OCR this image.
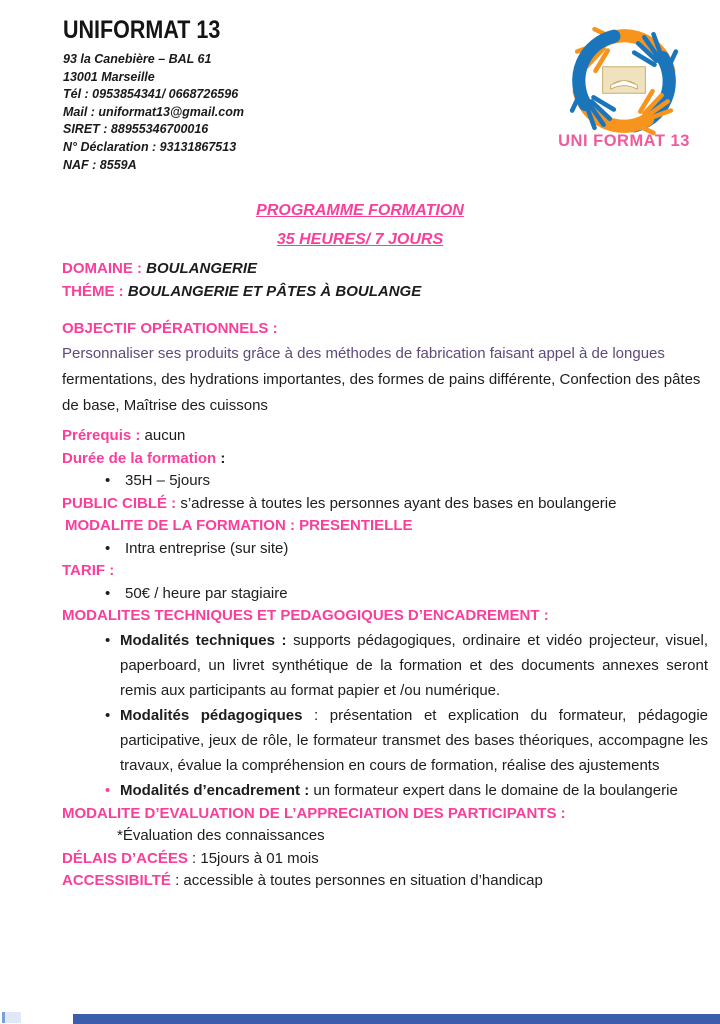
UNIFORMAT 13
93 la Canebière – BAL 61
13001 Marseille
Tél : 0953854341/ 0668726596
Mail : uniformat13@gmail.com
SIRET : 88955346700016
N° Déclaration : 93131867513
NAF : 8559A
UNI FORMAT 13
PROGRAMME FORMATION
35 HEURES/ 7 JOURS
DOMAINE : BOULANGERIE
THÉME : BOULANGERIE ET PÂTES À BOULANGE
OBJECTIF OPÉRATIONNELS :
Personnaliser ses produits grâce à des méthodes de fabrication faisant appel à de longues fermentations, des hydrations importantes, des formes de pains différente, Confection des pâtes de base, Maîtrise des cuissons
Prérequis : aucun
Durée de la formation :
• 35H – 5jours
PUBLIC CIBLÉ : s’adresse à toutes les personnes ayant des bases en boulangerie
MODALITE DE LA FORMATION : PRESENTIELLE
• Intra entreprise (sur site)
TARIF :
• 50€ / heure par stagiaire
MODALITES TECHNIQUES ET PEDAGOGIQUES D’ENCADREMENT :
• Modalités techniques : supports pédagogiques, ordinaire et vidéo projecteur, visuel, paperboard, un livret synthétique de la formation et des documents annexes seront remis aux participants au format papier et /ou numérique.
• Modalités pédagogiques : présentation et explication du formateur, pédagogie participative, jeux de rôle, le formateur transmet des bases théoriques, accompagne les travaux, évalue la compréhension en cours de formation, réalise des ajustements
• Modalités d’encadrement : un formateur expert dans le domaine de la boulangerie
MODALITE D’EVALUATION DE L’APPRECIATION DES PARTICIPANTS :
*Évaluation des connaissances
DÉLAIS D’ACÉES : 15jours à 01 mois
ACCESSIBILTÉ : accessible à toutes personnes en situation d’handicap
